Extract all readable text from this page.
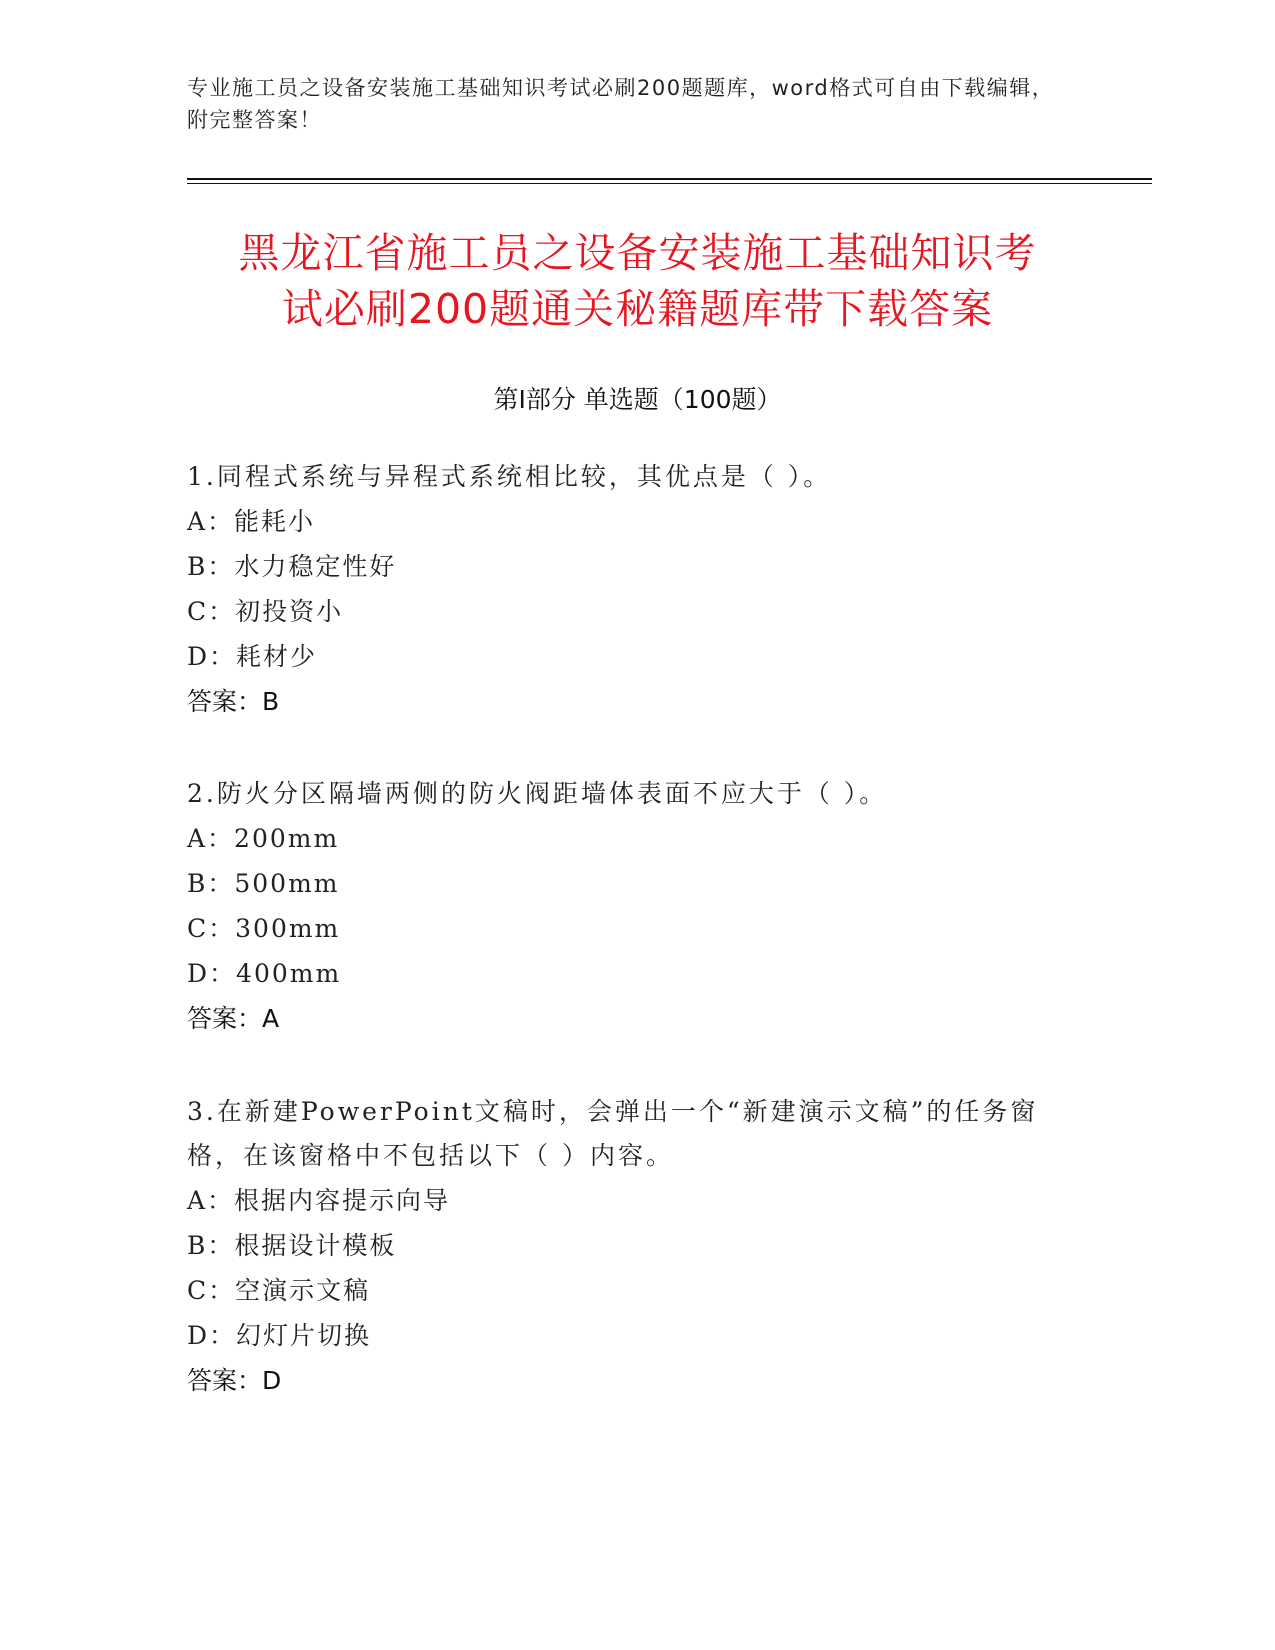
专业施工员之设备安装施工基础知识考试必刷200题题库，word格式可自由下载编辑，附完整答案！
黑龙江省施工员之设备安装施工基础知识考
试必刷200题通关秘籍题库带下载答案
第Ⅰ部分 单选题（100题）
1.同程式系统与异程式系统相比较，其优点是（ ）。
A：能耗小
B：水力稳定性好
C：初投资小
D：耗材少
答案：B
2.防火分区隔墙两侧的防火阀距墙体表面不应大于（ ）。
A：200mm
B：500mm
C：300mm
D：400mm
答案：A
3.在新建PowerPoint文稿时，会弹出一个“新建演示文稿”的任务窗格，在该窗格中不包括以下（ ）内容。
A：根据内容提示向导
B：根据设计模板
C：空演示文稿
D：幻灯片切换
答案：D
